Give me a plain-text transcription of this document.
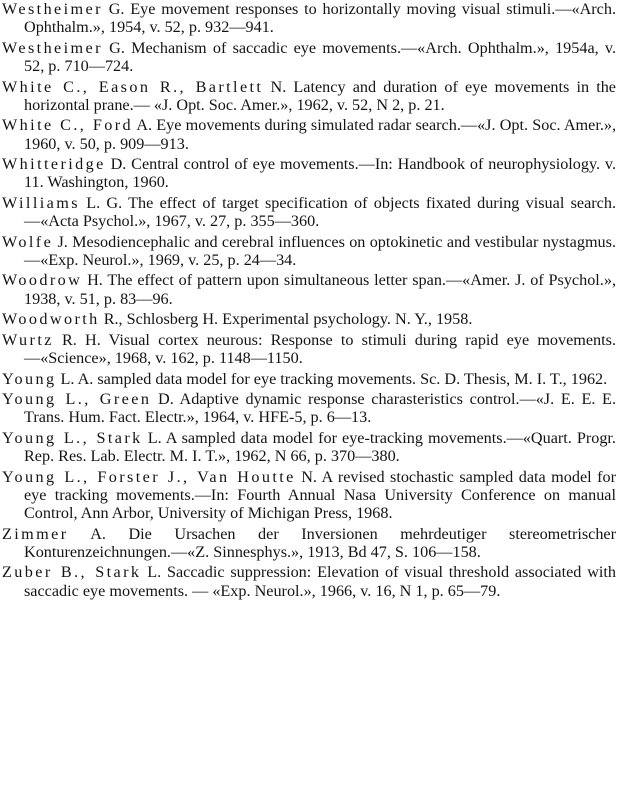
Westheimer G. Eye movement responses to horizontally moving visual stimuli.—«Arch. Ophthalm.», 1954, v. 52, p. 932—941.
Westheimer G. Mechanism of saccadic eye movements.—«Arch. Ophthalm.», 1954a, v. 52, p. 710—724.
White C., Eason R., Bartlett N. Latency and duration of eye movements in the horizontal prane.— «J. Opt. Soc. Amer.», 1962, v. 52, N 2, p. 21.
White C., Ford A. Eye movements during simulated radar search.—«J. Opt. Soc. Amer.», 1960, v. 50, p. 909—913.
Whitteridge D. Central control of eye movements.—In: Handbook of neurophysiology. v. 11. Washington, 1960.
Williams L. G. The effect of target specification of objects fixated during visual search.—«Acta Psychol.», 1967, v. 27, p. 355—360.
Wolfe J. Mesodiencephalic and cerebral influences on optokinetic and vestibular nystagmus.—«Exp. Neurol.», 1969, v. 25, p. 24—34.
Woodrow H. The effect of pattern upon simultaneous letter span.—«Amer. J. of Psychol.», 1938, v. 51, p. 83—96.
Woodworth R., Schlosberg H. Experimental psychology. N. Y., 1958.
Wurtz R. H. Visual cortex neurous: Response to stimuli during rapid eye movements.—«Science», 1968, v. 162, p. 1148—1150.
Young L. A. sampled data model for eye tracking movements. Sc. D. Thesis, M. I. T., 1962.
Young L., Green D. Adaptive dynamic response charasteristics control.—«J. E. E. E. Trans. Hum. Fact. Electr.», 1964, v. HFE-5, p. 6—13.
Young L., Stark L. A sampled data model for eye-tracking movements.—«Quart. Progr. Rep. Res. Lab. Electr. M. I. T.», 1962, N 66, p. 370—380.
Young L., Forster J., Van Houtte N. A revised stochastic sampled data model for eye tracking movements.—In: Fourth Annual Nasa University Conference on manual Control, Ann Arbor, University of Michigan Press, 1968.
Zimmer A. Die Ursachen der Inversionen mehrdeutiger stereometrischer Konturenzeichnungen.—«Z. Sinnesphys.», 1913, Bd 47, S. 106—158.
Zuber B., Stark L. Saccadic suppression: Elevation of visual threshold associated with saccadic eye movements. — «Exp. Neurol.», 1966, v. 16, N 1, p. 65—79.
